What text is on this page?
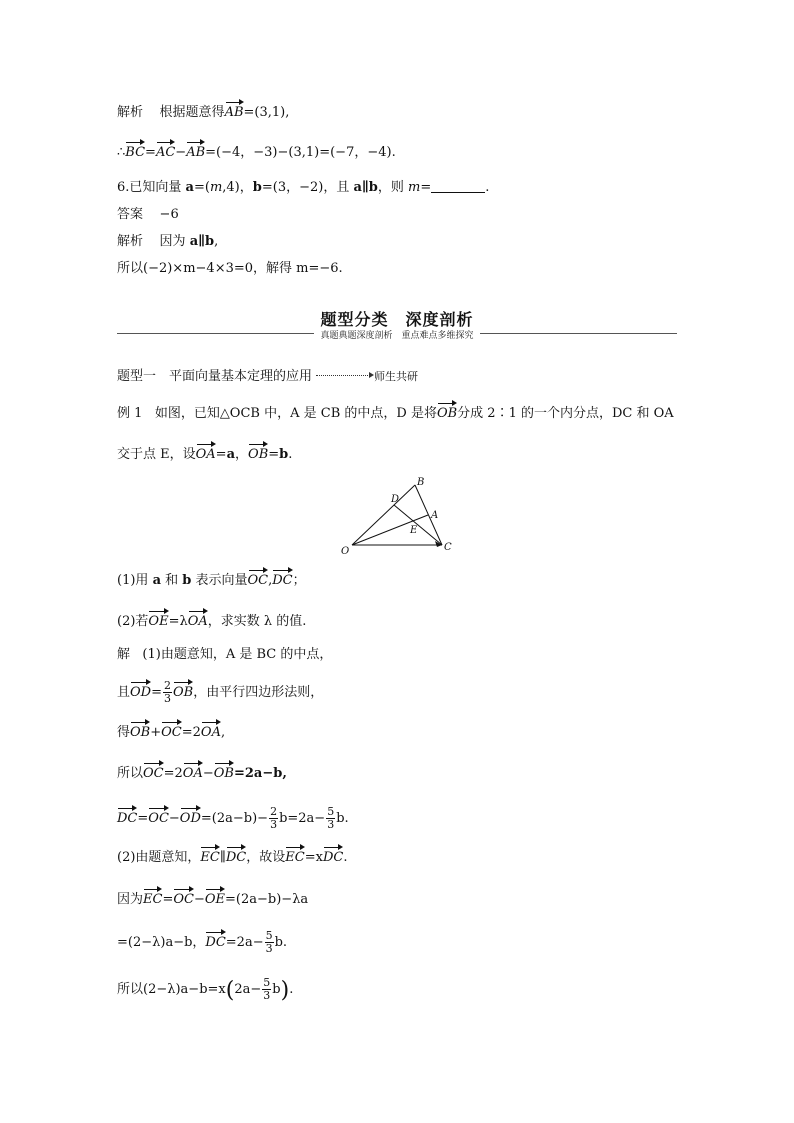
解析 根据题意得AB=(3,1),
∴BC=AC−AB=(−4，−3)−(3,1)=(−7，−4).
6.已知向量 a=(m,4)，b=(3，−2)，且 a∥b，则 m=	.
答案 −6
解析 因为 a∥b,
所以(−2)×m−4×3=0，解得 m=−6.
题型分类　深度剖析
真题典题深度剖析　重点难点多维探究
题型一　平面向量基本定理的应用	师生共研
例 1 如图，已知△OCB 中，A 是 CB 的中点，D 是将OB分成 2∶1 的一个内分点，DC 和 OA
交于点 E，设OA=a，OB=b.
O
B
C
D
A
E
(1)用 a 和 b 表示向量OC,DC；
(2)若OE=λOA，求实数 λ 的值.
解 (1)由题意知，A 是 BC 的中点，
且$OD= \frac{2}{3}$ OB，由平行四边形法则，
得OB+OC=2OA,
所以OC=2OA−OB=2a−b,
$DC=OC-OD=(2a-b)- \frac{2}{3} b=2a- \frac{5}{3} b$.
(2)由题意知，EC∥DC，故设EC=xDC.
因为EC=OC−OE=(2a−b)−λa
=(2−λ)a−b，$DC=2a- \frac{5}{3} b$.
所以$(2-\lambda)a-b=x(2a- \frac{5}{3} b)$.
